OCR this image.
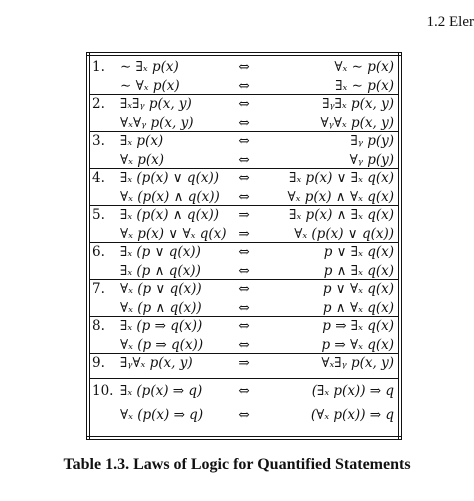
1.2 Eler
1. ∼ ∃ₓ p(x)	⇔	∀ₓ ∼ p(x)
∼ ∀ₓ p(x)	⇔	∃ₓ ∼ p(x)
2. ∃ₓ∃ᵧ p(x, y)	⇔	∃ᵧ∃ₓ p(x, y)
∀ₓ∀ᵧ p(x, y)	⇔	∀ᵧ∀ₓ p(x, y)
3. ∃ₓ p(x)	⇔	∃ᵧ p(y)
∀ₓ p(x)	⇔	∀ᵧ p(y)
4. ∃ₓ (p(x) ∨ q(x))	⇔	∃ₓ p(x) ∨ ∃ₓ q(x)
∀ₓ (p(x) ∧ q(x))	⇔	∀ₓ p(x) ∧ ∀ₓ q(x)
5. ∃ₓ (p(x) ∧ q(x))	⇒	∃ₓ p(x) ∧ ∃ₓ q(x)
∀ₓ p(x) ∨ ∀ₓ q(x) ⇒	∀ₓ (p(x) ∨ q(x))
6. ∃ₓ (p ∨ q(x))	⇔	p ∨ ∃ₓ q(x)
∃ₓ (p ∧ q(x))	⇔	p ∧ ∃ₓ q(x)
7. ∀ₓ (p ∨ q(x))	⇔	p ∨ ∀ₓ q(x)
∀ₓ (p ∧ q(x))	⇔	p ∧ ∀ₓ q(x)
8. ∃ₓ (p ⇒ q(x))	⇔	p ⇒ ∃ₓ q(x)
∀ₓ (p ⇒ q(x))	⇔	p ⇒ ∀ₓ q(x)
9. ∃ᵧ∀ₓ p(x, y)	⇒	∀ₓ∃ᵧ p(x, y)
10. ∃ₓ (p(x) ⇒ q)	⇔	(∃ₓ p(x)) ⇒ q
∀ₓ (p(x) ⇒ q)	⇔	(∀ₓ p(x)) ⇒ q
Table 1.3. Laws of Logic for Quantified Statements
